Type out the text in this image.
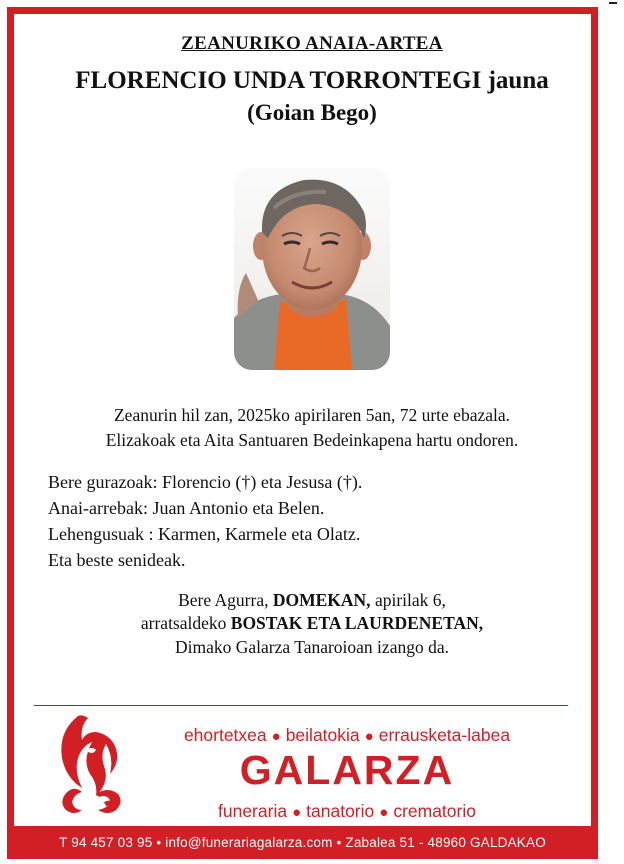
ZEANURIKO ANAIA-ARTEA
FLORENCIO UNDA TORRONTEGI jauna
(Goian Bego)
Zeanurin hil zan, 2025ko apirilaren 5an, 72 urte ebazala.
Elizakoak eta Aita Santuaren Bedeinkapena hartu ondoren.
Bere gurazoak: Florencio (†) eta Jesusa (†).
Anai-arrebak: Juan Antonio eta Belen.
Lehengusuak : Karmen, Karmele eta Olatz.
Eta beste senideak.
Bere Agurra, DOMEKAN, apirilak 6,
arratsaldeko BOSTAK ETA LAURDENETAN,
Dimako Galarza Tanaroioan izango da.
ehortetxea ● beilatokia ● errausketa-labea
GALARZA
funeraria ● tanatorio ● crematorio
T 94 457 03 95 • info@funerariagalarza.com • Zabalea 51 - 48960 GALDAKAO
